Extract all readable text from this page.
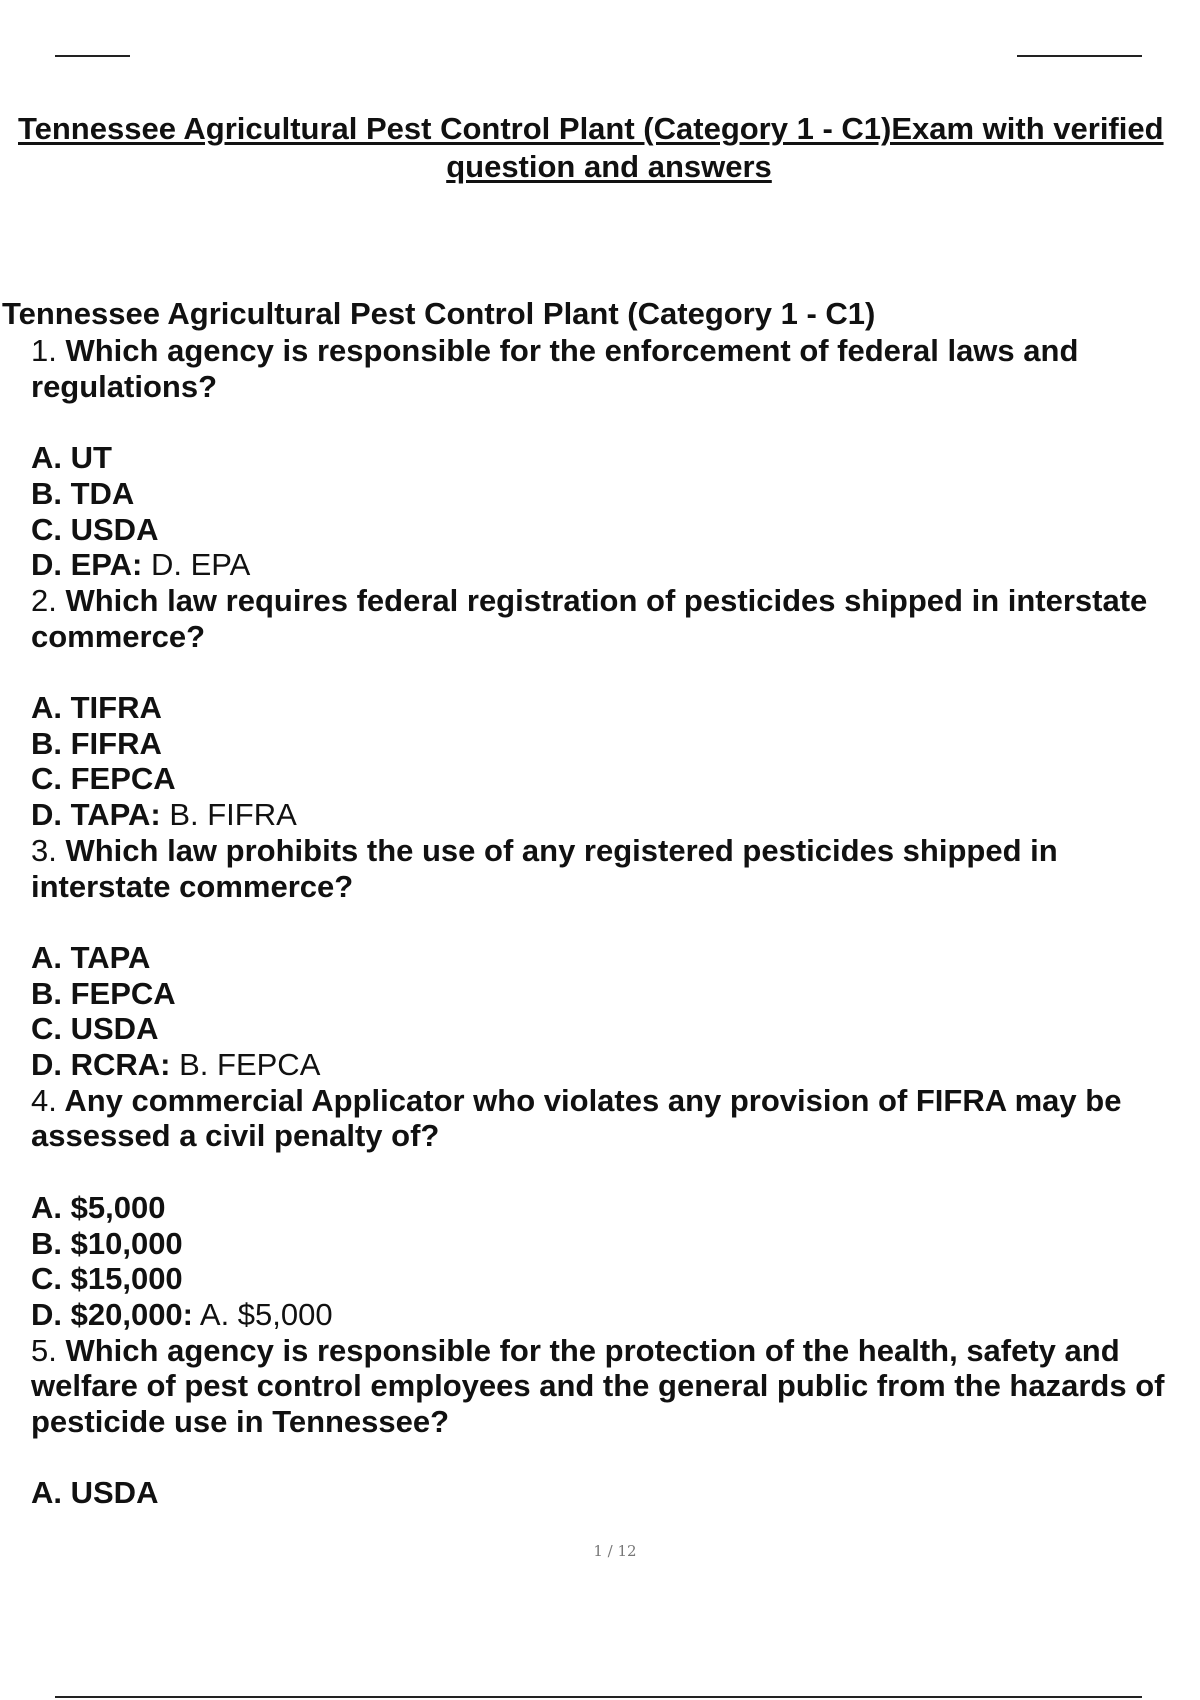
Tennessee Agricultural Pest Control Plant (Category 1 - C1)Exam with verified
question and answers
Tennessee Agricultural Pest Control Plant (Category 1 - C1)

1. Which agency is responsible for the enforcement of federal laws and regulations?

A. UT

B. TDA

C. USDA

D. EPA: D. EPA

2. Which law requires federal registration of pesticides shipped in interstate commerce?

A. TIFRA

B. FIFRA

C. FEPCA

D. TAPA: B. FIFRA

3. Which law prohibits the use of any registered pesticides shipped in interstate commerce?

A. TAPA

B. FEPCA

C. USDA

D. RCRA: B. FEPCA

4. Any commercial Applicator who violates any provision of FIFRA may be assessed a civil penalty of?

A. $5,000

B. $10,000

C. $15,000

D. $20,000: A. $5,000

5. Which agency is responsible for the protection of the health, safety and welfare of pest control employees and the general public from the hazards of pesticide use in Tennessee?

A. USDA

1 / 12
